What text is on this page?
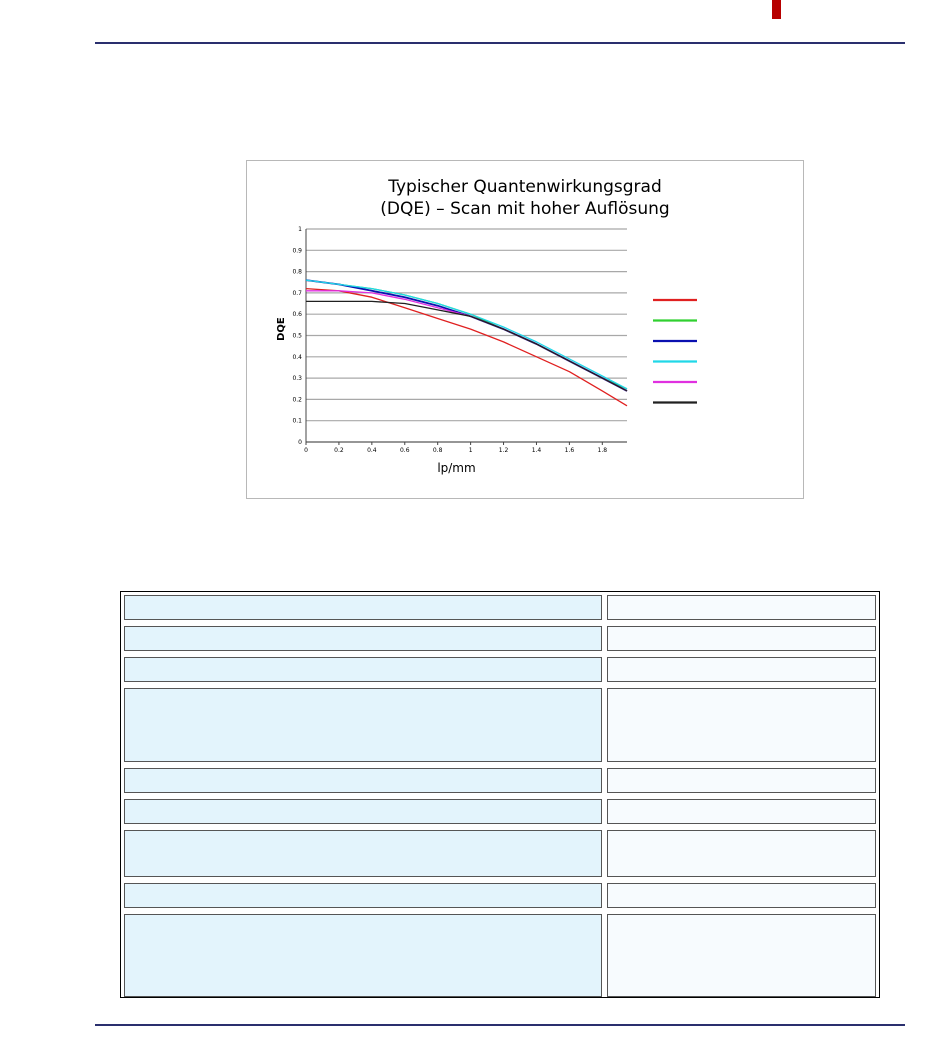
Typischer Quantenwirkungsgrad
(DQE) – Scan mit hoher Auflösung
0
0.1
0.2
0.3
0.4
0.5
0.6
0.7
0.8
0.9
1
0	0.2	0.4	0.6	0.8	1	1.2	1.4	1.6	1.8
lp/mm
DQE
